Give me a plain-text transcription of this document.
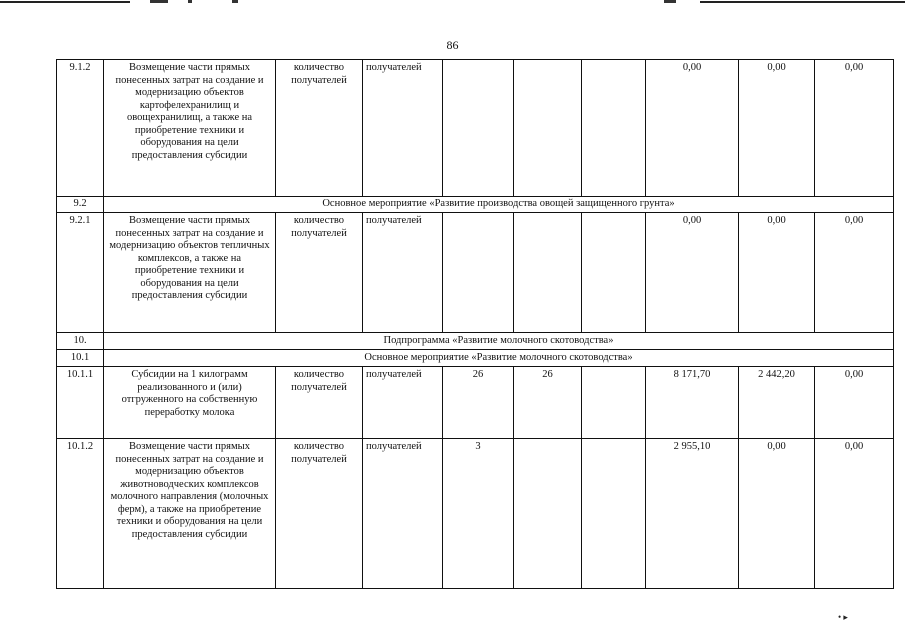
86
9.1.2	Возмещение части прямых понесенных затрат на создание и модернизацию объектов картофелехранилищ и овощехранилищ, а также на приобретение техники и оборудования на цели предоставления субсидии	количество получателей	получателей				0,00	0,00	0,00
9.2	Основное мероприятие «Развитие производства овощей защищенного грунта»								
9.2.1	Возмещение части прямых понесенных затрат на создание и модернизацию объектов тепличных комплексов, а также на приобретение техники и оборудования на цели предоставления субсидии	количество получателей	получателей				0,00	0,00	0,00
10.	Подпрограмма «Развитие молочного скотоводства»								
10.1	Основное мероприятие «Развитие молочного скотоводства»								
10.1.1	Субсидии на 1 килограмм реализованного и (или) отгруженного на собственную переработку молока	количество получателей	получателей	26	26		8 171,70	2 442,20	0,00
10.1.2	Возмещение части прямых понесенных затрат на создание и модернизацию объектов животноводческих комплексов молочного направления (молочных ферм), а также на приобретение техники и оборудования на цели предоставления субсидии	количество получателей	получателей	3			2 955,10	0,00	0,00
• ▸
